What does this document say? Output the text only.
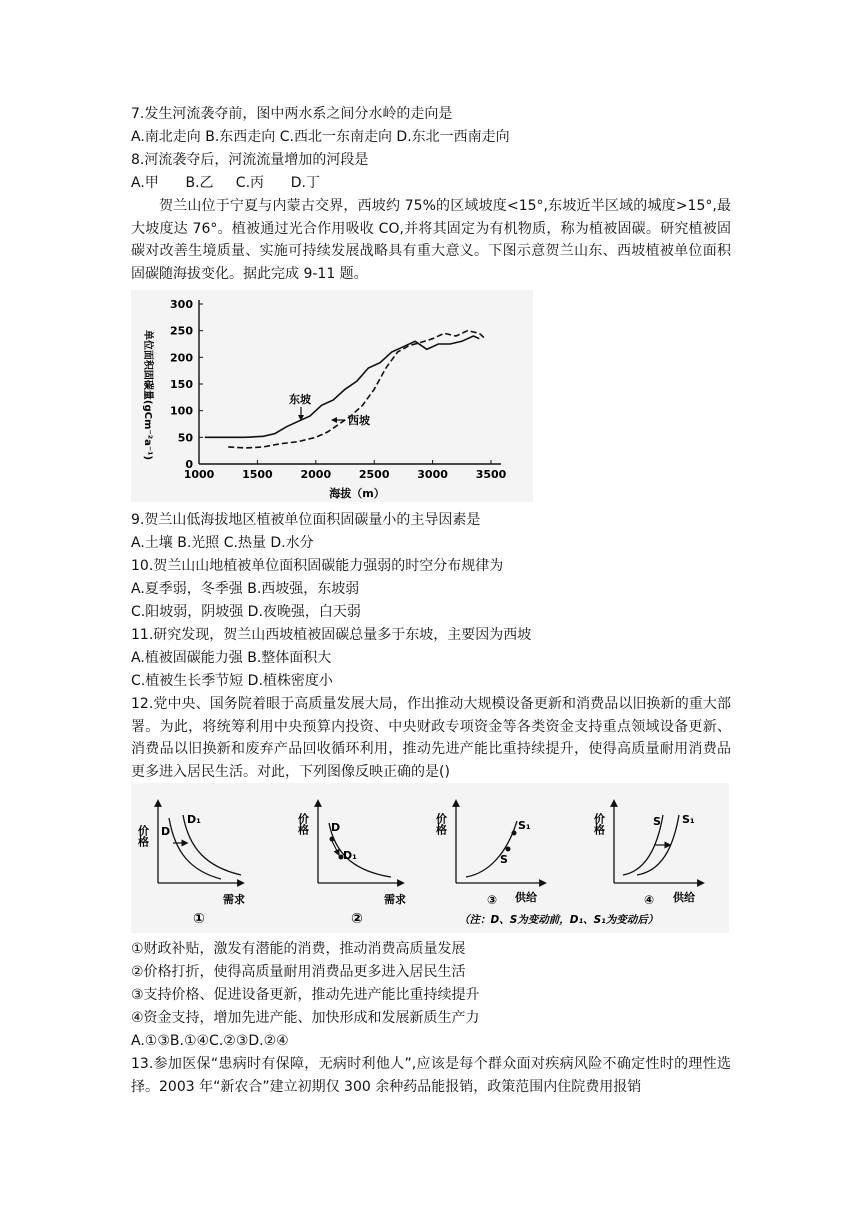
7.发生河流袭夺前，图中两水系之间分水岭的走向是
A.南北走向 B.东西走向 C.西北一东南走向 D.东北一西南走向
8.河流袭夺后，河流流量增加的河段是
A.甲      B.乙     C.丙      D.丁
贺兰山位于宁夏与内蒙古交界，西坡约 75%的区域坡度<15°,东坡近半区域的城度>15°,最大坡度达 76°。植被通过光合作用吸收 CO,并将其固定为有机物质，称为植被固碳。研究植被固碳对改善生境质量、实施可持续发展战略具有重大意义。下图示意贺兰山东、西坡植被单位面积固碳随海拔变化。据此完成 9-11 题。
单位面积固碳量(gCm⁻²a⁻¹)
海拔（m）
东坡
西坡
0
50
100
150
200
250
300
1000	1500	2000	2500	3000	3500
9.贺兰山低海拔地区植被单位面积固碳量小的主导因素是
A.土壤 B.光照 C.热量 D.水分
10.贺兰山山地植被单位面积固碳能力强弱的时空分布规律为
A.夏季弱，冬季强 B.西坡强，东坡弱
C.阳坡弱，阴坡强 D.夜晚强，白天弱
11.研究发现，贺兰山西坡植被固碳总量多于东坡，主要因为西坡
A.植被固碳能力强 B.整体面积大
C.植被生长季节短 D.植株密度小
12.党中央、国务院着眼于高质量发展大局，作出推动大规模设备更新和消费品以旧换新的重大部署。为此，将统筹利用中央预算内投资、中央财政专项资金等各类资金支持重点领域设备更新、消费品以旧换新和废弃产品回收循环利用，推动先进产能比重持续提升，使得高质量耐用消费品更多进入居民生活。对此，下列图像反映正确的是()
价格
需求
D
D₁
①
价格
需求
D
D₁
②
价格
供给
S
S₁
③
价格
供给
S S₁
④
（注：D、S为变动前，D₁、S₁为变动后）
①财政补贴，激发有潜能的消费，推动消费高质量发展
②价格打折，使得高质量耐用消费品更多进入居民生活
③支持价格、促进设备更新，推动先进产能比重持续提升
④资金支持，增加先进产能、加快形成和发展新质生产力
A.①③B.①④C.②③D.②④
13.参加医保“患病时有保障，无病时利他人”,应该是每个群众面对疾病风险不确定性时的理性选择。2003 年“新农合”建立初期仅 300 余种药品能报销，政策范围内住院费用报销
